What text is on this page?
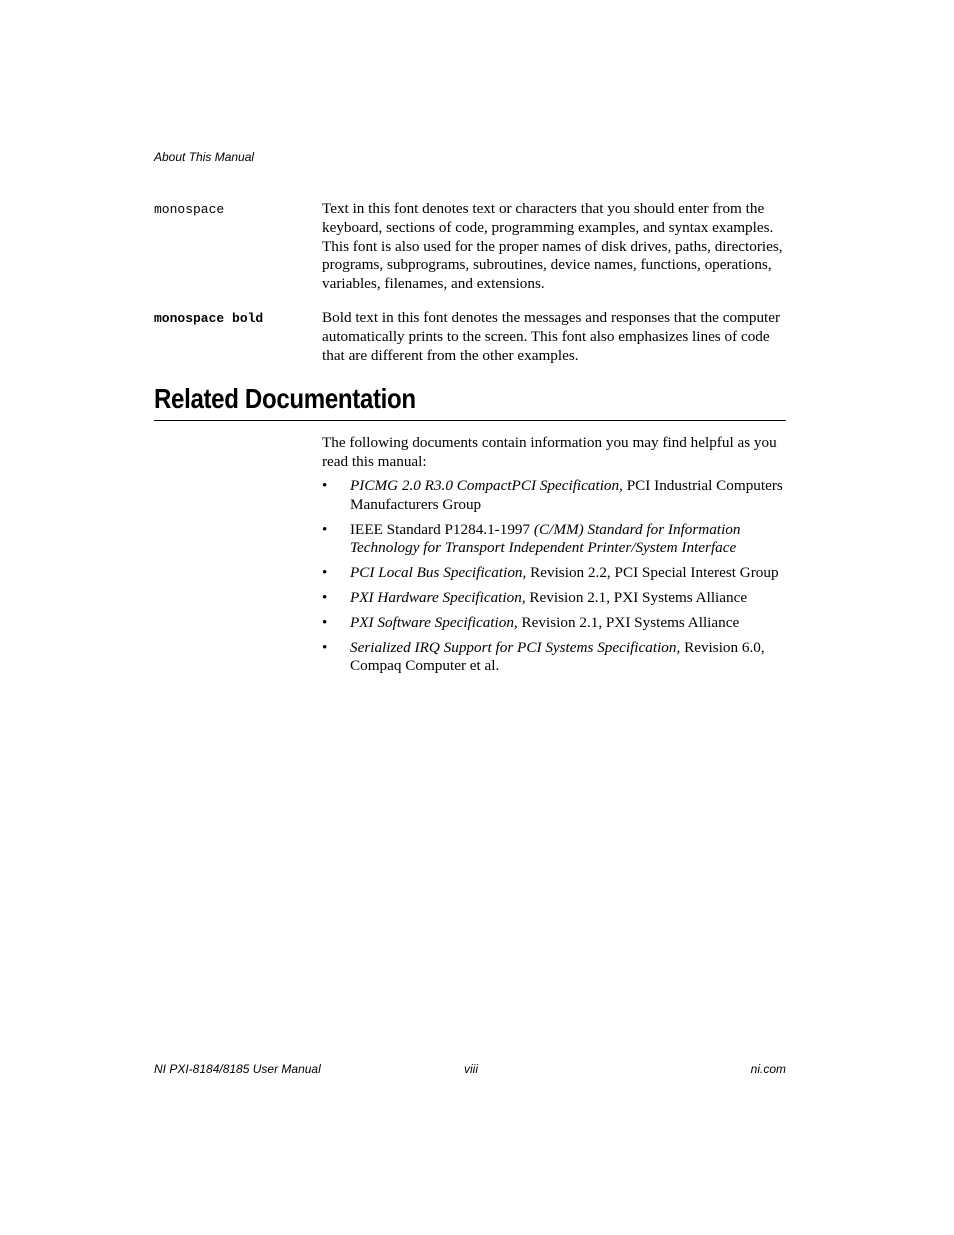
About This Manual
monospace	Text in this font denotes text or characters that you should enter from the keyboard, sections of code, programming examples, and syntax examples. This font is also used for the proper names of disk drives, paths, directories, programs, subprograms, subroutines, device names, functions, operations, variables, filenames, and extensions.
monospace bold	Bold text in this font denotes the messages and responses that the computer automatically prints to the screen. This font also emphasizes lines of code that are different from the other examples.
Related Documentation

The following documents contain information you may find helpful as you read this manual:

• PICMG 2.0 R3.0 CompactPCI Specification, PCI Industrial Computers Manufacturers Group
• IEEE Standard P1284.1-1997 (C/MM) Standard for Information Technology for Transport Independent Printer/System Interface
• PCI Local Bus Specification, Revision 2.2, PCI Special Interest Group
• PXI Hardware Specification, Revision 2.1, PXI Systems Alliance
• PXI Software Specification, Revision 2.1, PXI Systems Alliance
• Serialized IRQ Support for PCI Systems Specification, Revision 6.0, Compaq Computer et al.
NI PXI-8184/8185 User Manual	viii	ni.com
